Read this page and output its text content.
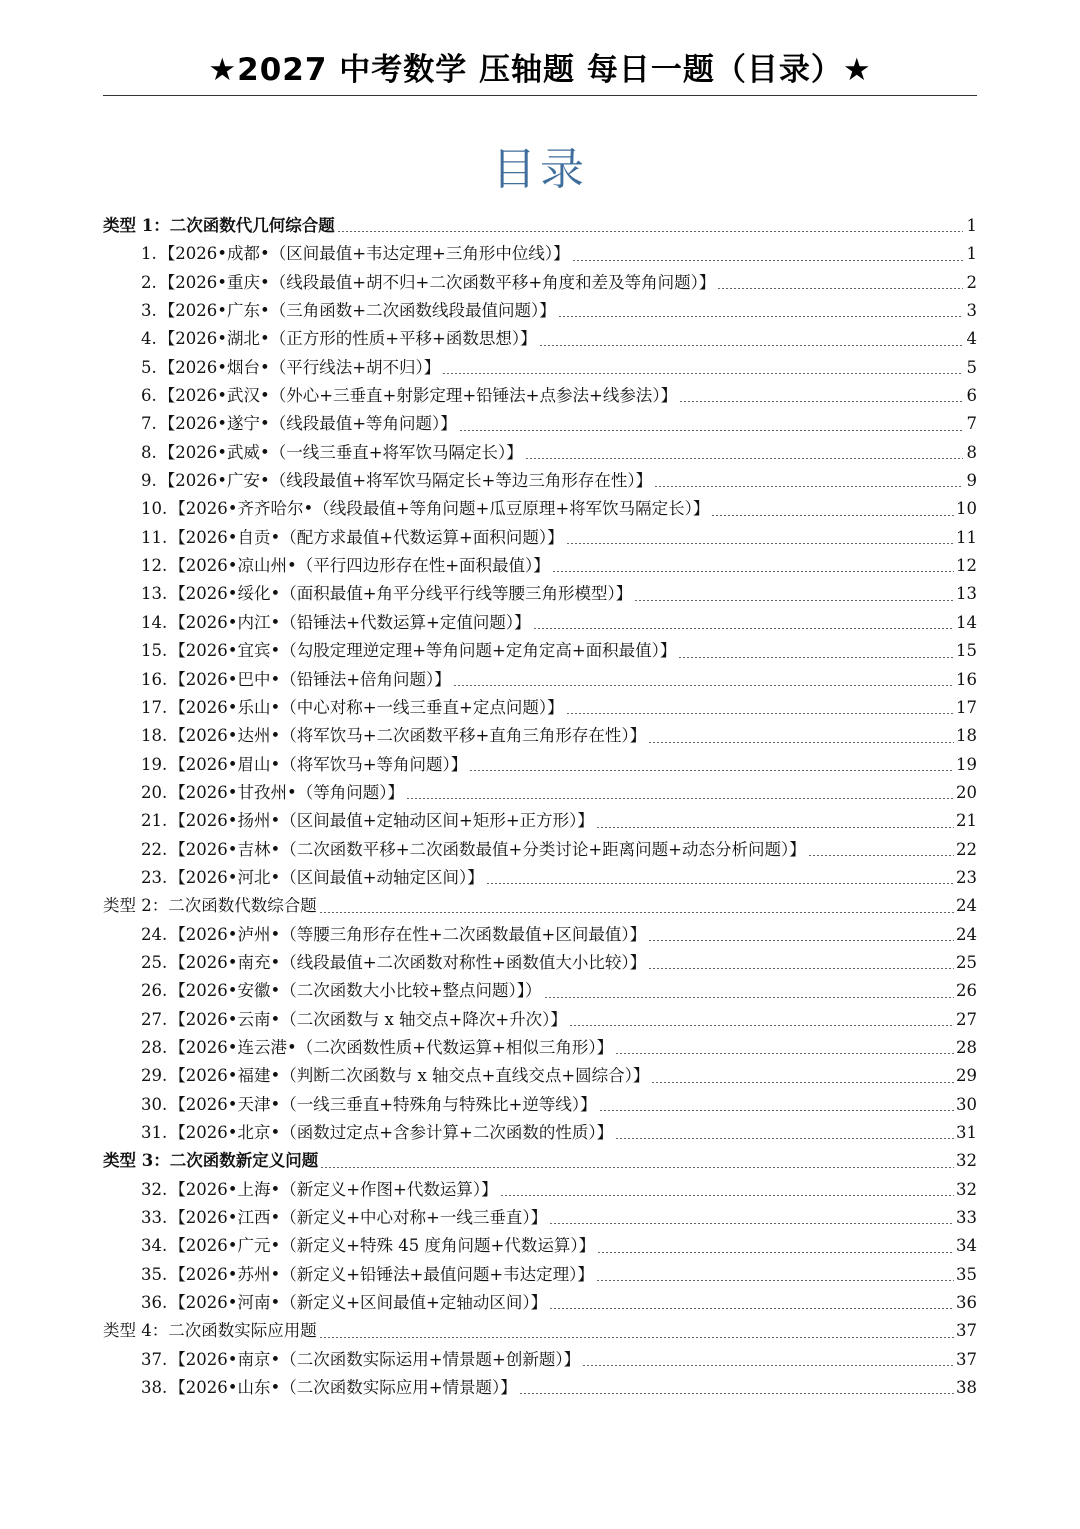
★2027 中考数学 压轴题 每日一题（目录）★
目录
类型 1：二次函数代几何综合题	1
1. 【2026•成都•（区间最值+韦达定理+三角形中位线）】	1
2. 【2026•重庆•（线段最值+胡不归+二次函数平移+角度和差及等角问题）】	2
3. 【2026•广东•（三角函数+二次函数线段最值问题）】	3
4. 【2026•湖北•（正方形的性质+平移+函数思想）】	4
5. 【2026•烟台•（平行线法+胡不归）】	5
6. 【2026•武汉•（外心+三垂直+射影定理+铅锤法+点参法+线参法）】	6
7. 【2026•遂宁•（线段最值+等角问题）】	7
8. 【2026•武威•（一线三垂直+将军饮马隔定长）】	8
9. 【2026•广安•（线段最值+将军饮马隔定长+等边三角形存在性）】	9
10. 【2026•齐齐哈尔•（线段最值+等角问题+瓜豆原理+将军饮马隔定长）】	10
11. 【2026•自贡•（配方求最值+代数运算+面积问题）】	11
12. 【2026•凉山州•（平行四边形存在性+面积最值）】	12
13. 【2026•绥化•（面积最值+角平分线平行线等腰三角形模型）】	13
14. 【2026•内江•（铅锤法+代数运算+定值问题）】	14
15. 【2026•宜宾•（勾股定理逆定理+等角问题+定角定高+面积最值）】	15
16. 【2026•巴中•（铅锤法+倍角问题）】	16
17. 【2026•乐山•（中心对称+一线三垂直+定点问题）】	17
18. 【2026•达州•（将军饮马+二次函数平移+直角三角形存在性）】	18
19. 【2026•眉山•（将军饮马+等角问题）】	19
20. 【2026•甘孜州•（等角问题）】	20
21. 【2026•扬州•（区间最值+定轴动区间+矩形+正方形）】	21
22. 【2026•吉林•（二次函数平移+二次函数最值+分类讨论+距离问题+动态分析问题）】	22
23. 【2026•河北•（区间最值+动轴定区间）】	23
类型 2：二次函数代数综合题	24
24. 【2026•泸州•（等腰三角形存在性+二次函数最值+区间最值）】	24
25. 【2026•南充•（线段最值+二次函数对称性+函数值大小比较）】	25
26. 【2026•安徽•（二次函数大小比较+整点问题）】）	26
27. 【2026•云南•（二次函数与 x 轴交点+降次+升次）】	27
28. 【2026•连云港•（二次函数性质+代数运算+相似三角形）】	28
29. 【2026•福建•（判断二次函数与 x 轴交点+直线交点+圆综合）】	29
30. 【2026•天津•（一线三垂直+特殊角与特殊比+逆等线）】	30
31. 【2026•北京•（函数过定点+含参计算+二次函数的性质）】	31
类型 3：二次函数新定义问题	32
32. 【2026•上海•（新定义+作图+代数运算）】	32
33. 【2026•江西•（新定义+中心对称+一线三垂直）】	33
34. 【2026•广元•（新定义+特殊 45 度角问题+代数运算）】	34
35. 【2026•苏州•（新定义+铅锤法+最值问题+韦达定理）】	35
36. 【2026•河南•（新定义+区间最值+定轴动区间）】	36
类型 4：二次函数实际应用题	37
37. 【2026•南京•（二次函数实际运用+情景题+创新题）】	37
38. 【2026•山东•（二次函数实际应用+情景题）】	38
